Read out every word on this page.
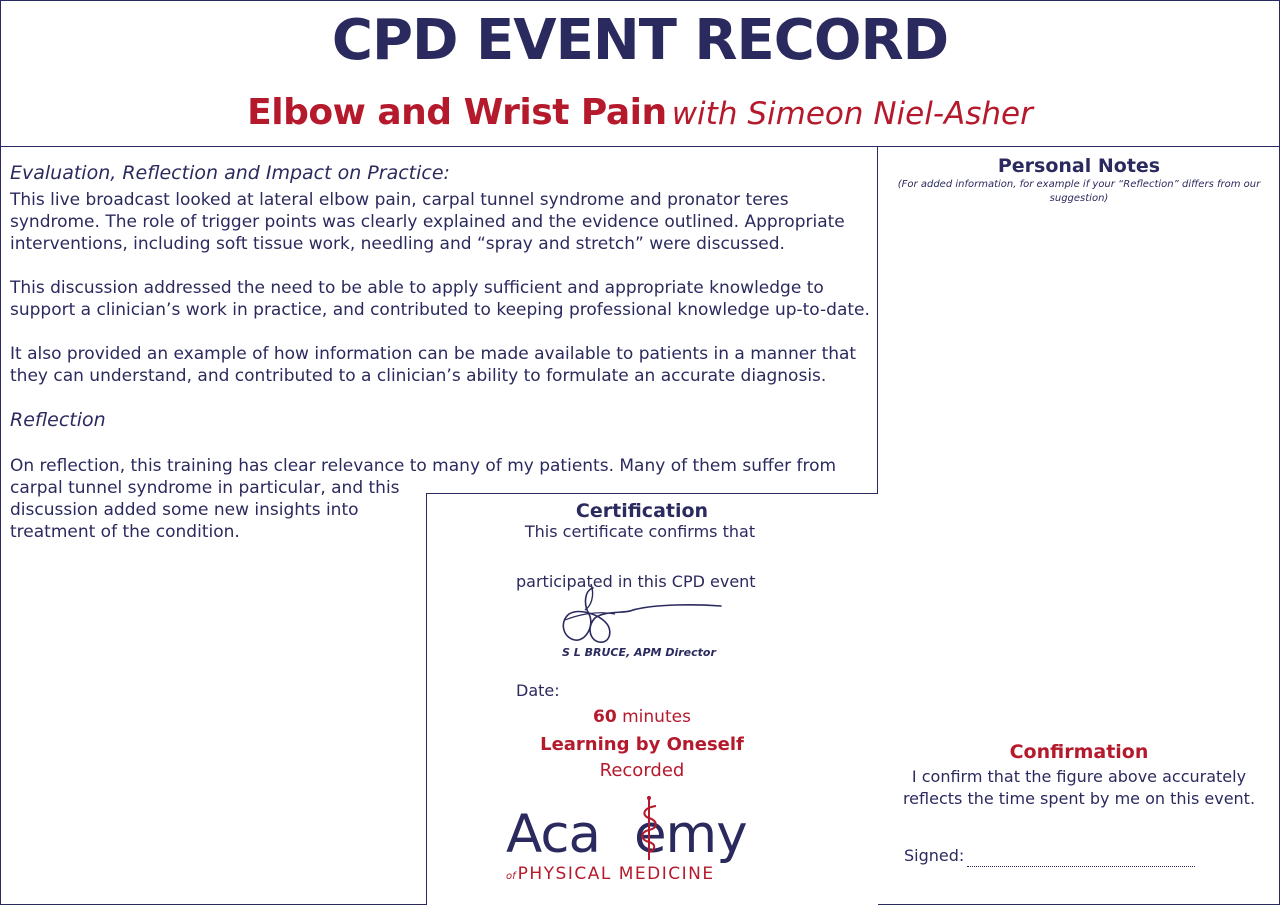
CPD EVENT RECORD

Elbow and Wrist Pain with Simeon Niel-Asher

Evaluation, Reflection and Impact on Practice:

This live broadcast looked at lateral elbow pain, carpal tunnel syndrome and pronator teres
syndrome. The role of trigger points was clearly explained and the evidence outlined. Appropriate
interventions, including soft tissue work, needling and “spray and stretch” were discussed.

This discussion addressed the need to be able to apply sufficient and appropriate knowledge to
support a clinician’s work in practice, and contributed to keeping professional knowledge up-to-date.

It also provided an example of how information can be made available to patients in a manner that
they can understand, and contributed to a clinician’s ability to formulate an accurate diagnosis.

Reflection

On reflection, this training has clear relevance to many of my patients. Many of them suffer from
carpal tunnel syndrome in particular, and this
discussion added some new insights into
treatment of the condition.

Personal Notes

(For added information, for example if your “Reflection” differs from our suggestion)

Certification
This certificate confirms that
participated in this CPD event
S L BRUCE, APM Director
Date:
60 minutes

Learning by Oneself

Recorded

Aca emy
of PHYSICAL MEDICINE
Confirmation

I confirm that the figure above accurately
reflects the time spent by me on this event.

Signed:
